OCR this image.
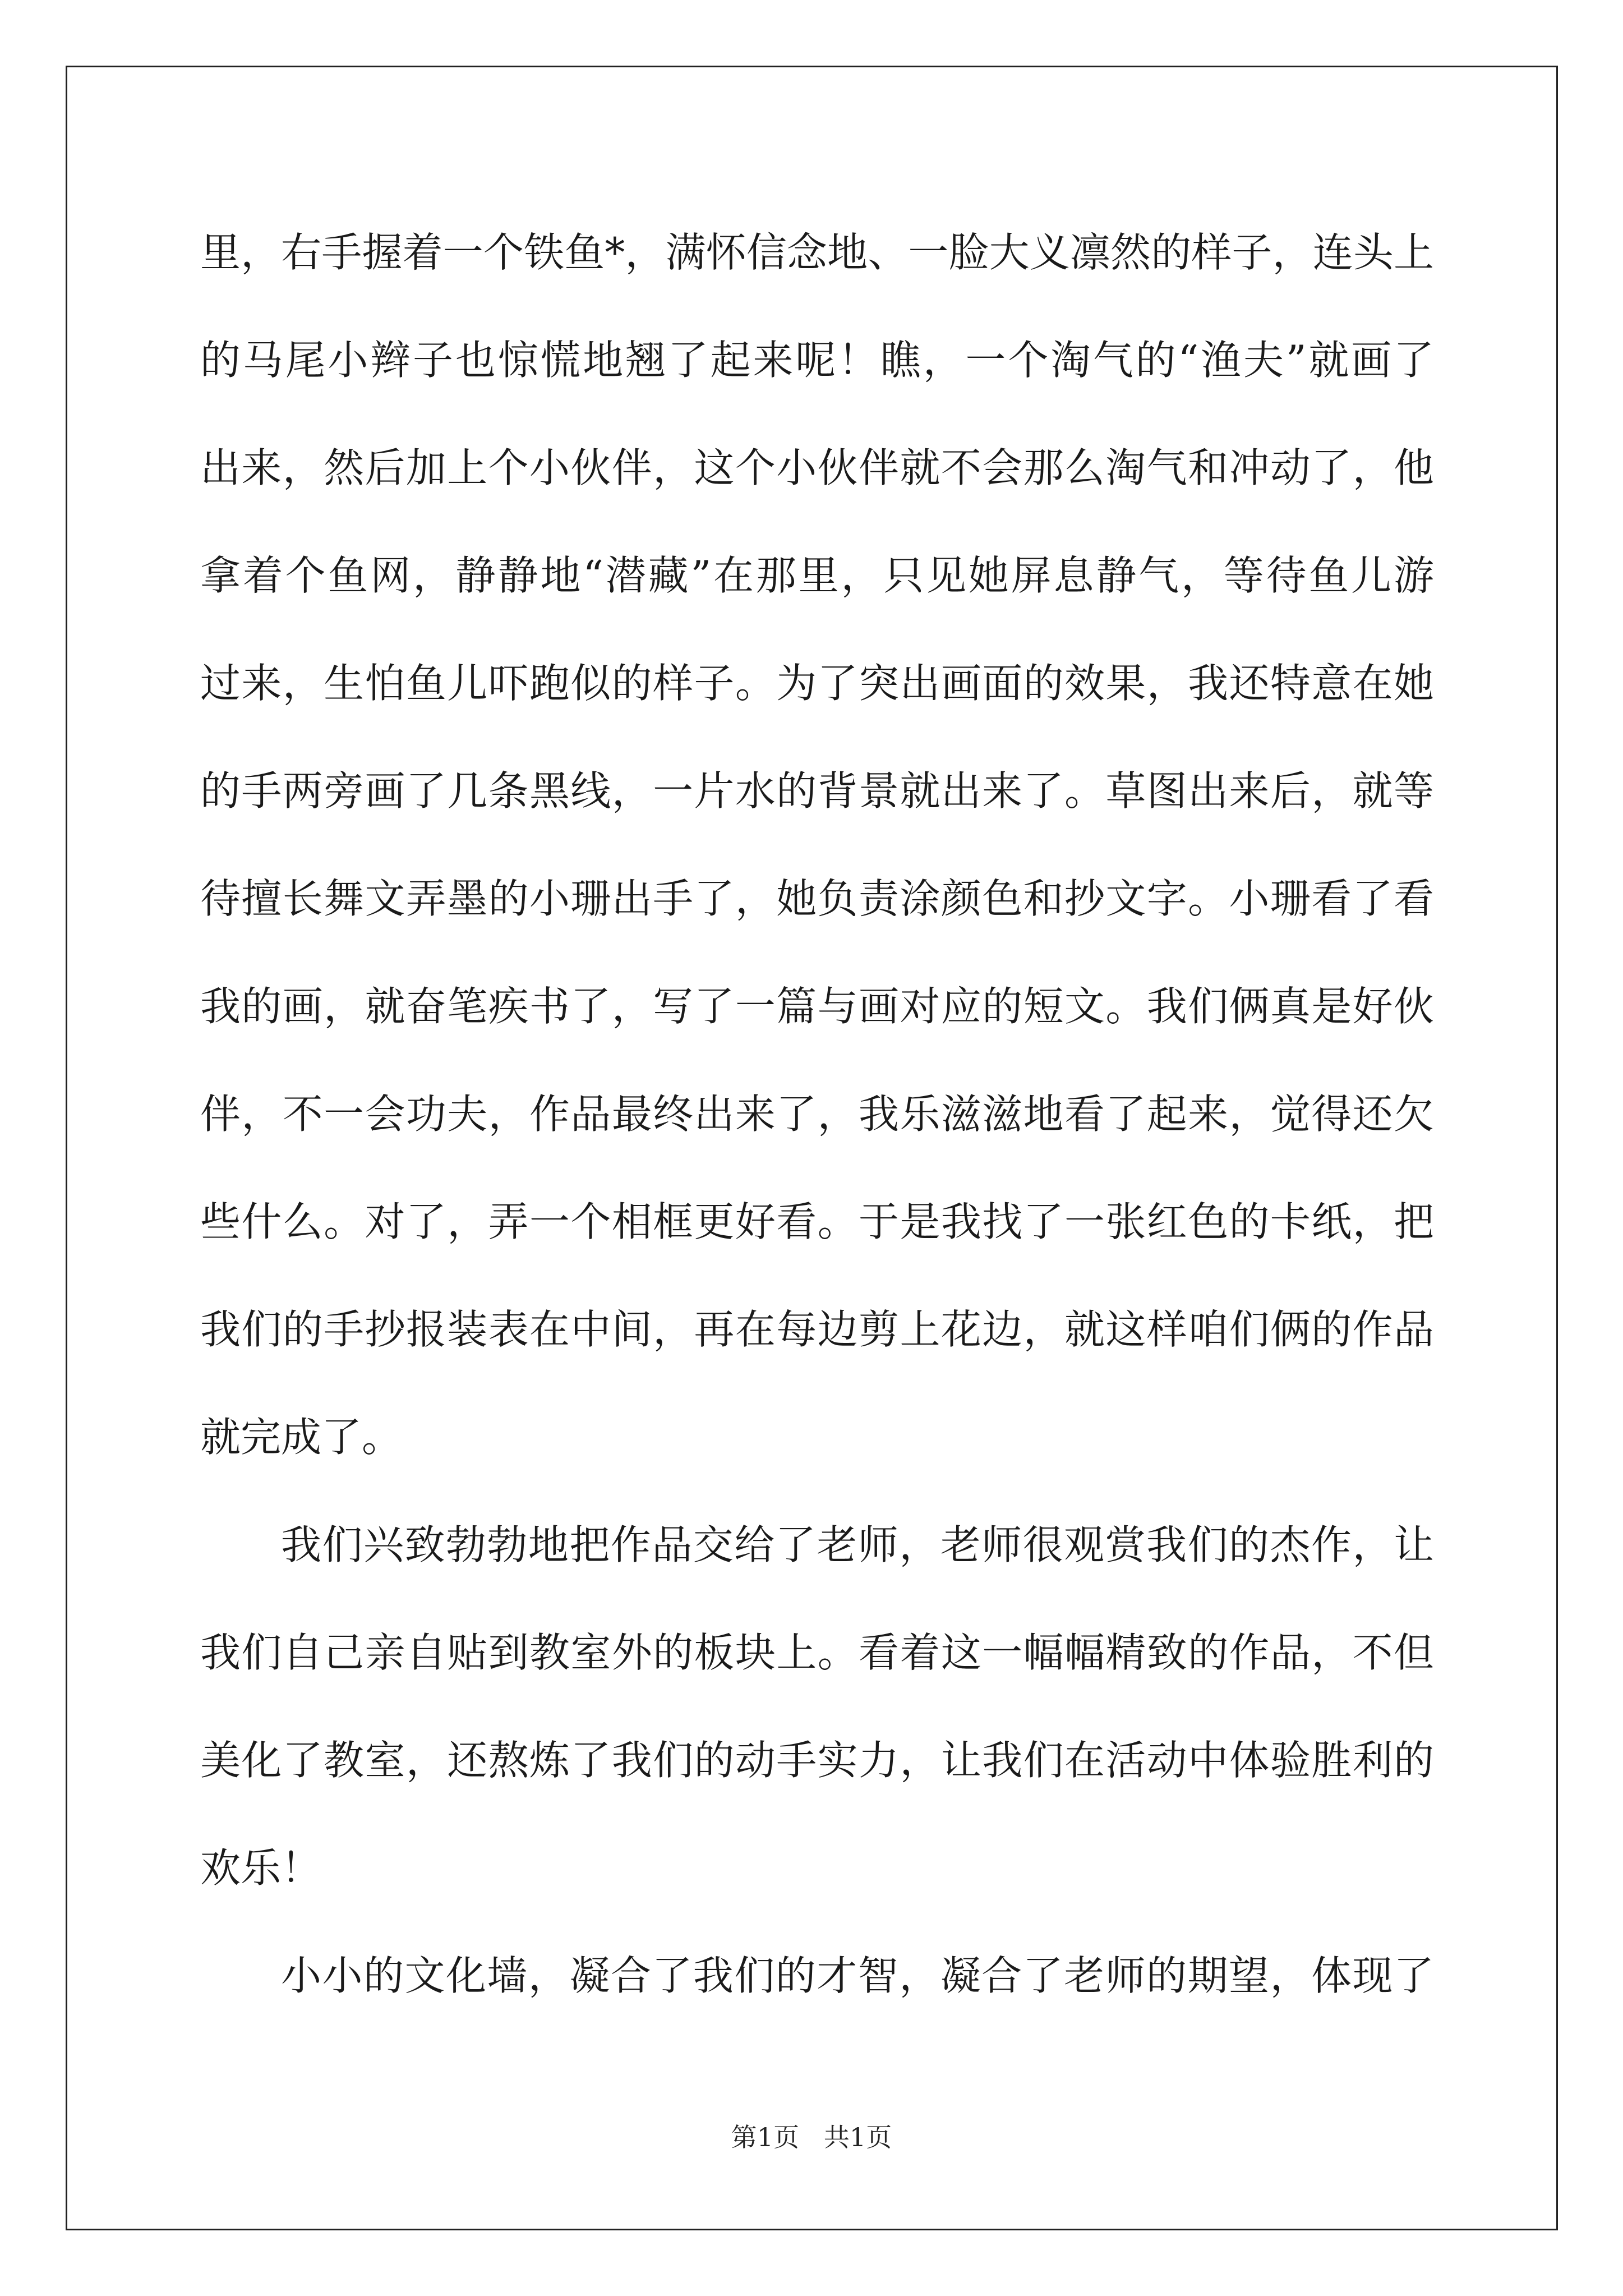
里，右手握着一个铁鱼*，满怀信念地、一脸大义凛然的样子，连头上
的马尾小辫子也惊慌地翘了起来呢！瞧，一个淘气的“渔夫”就画了
出来，然后加上个小伙伴，这个小伙伴就不会那么淘气和冲动了，他
拿着个鱼网，静静地“潜藏”在那里，只见她屏息静气，等待鱼儿游
过来，生怕鱼儿吓跑似的样子。为了突出画面的效果，我还特意在她
的手两旁画了几条黑线，一片水的背景就出来了。草图出来后，就等
待擅长舞文弄墨的小珊出手了，她负责涂颜色和抄文字。小珊看了看
我的画，就奋笔疾书了，写了一篇与画对应的短文。我们俩真是好伙
伴，不一会功夫，作品最终出来了，我乐滋滋地看了起来，觉得还欠
些什么。对了，弄一个相框更好看。于是我找了一张红色的卡纸，把
我们的手抄报装表在中间，再在每边剪上花边，就这样咱们俩的作品
就完成了。
我们兴致勃勃地把作品交给了老师，老师很观赏我们的杰作，让
我们自己亲自贴到教室外的板块上。看着这一幅幅精致的作品，不但
美化了教室，还熬炼了我们的动手实力，让我们在活动中体验胜利的
欢乐！
小小的文化墙，凝合了我们的才智，凝合了老师的期望，体现了
第1页   共1页
